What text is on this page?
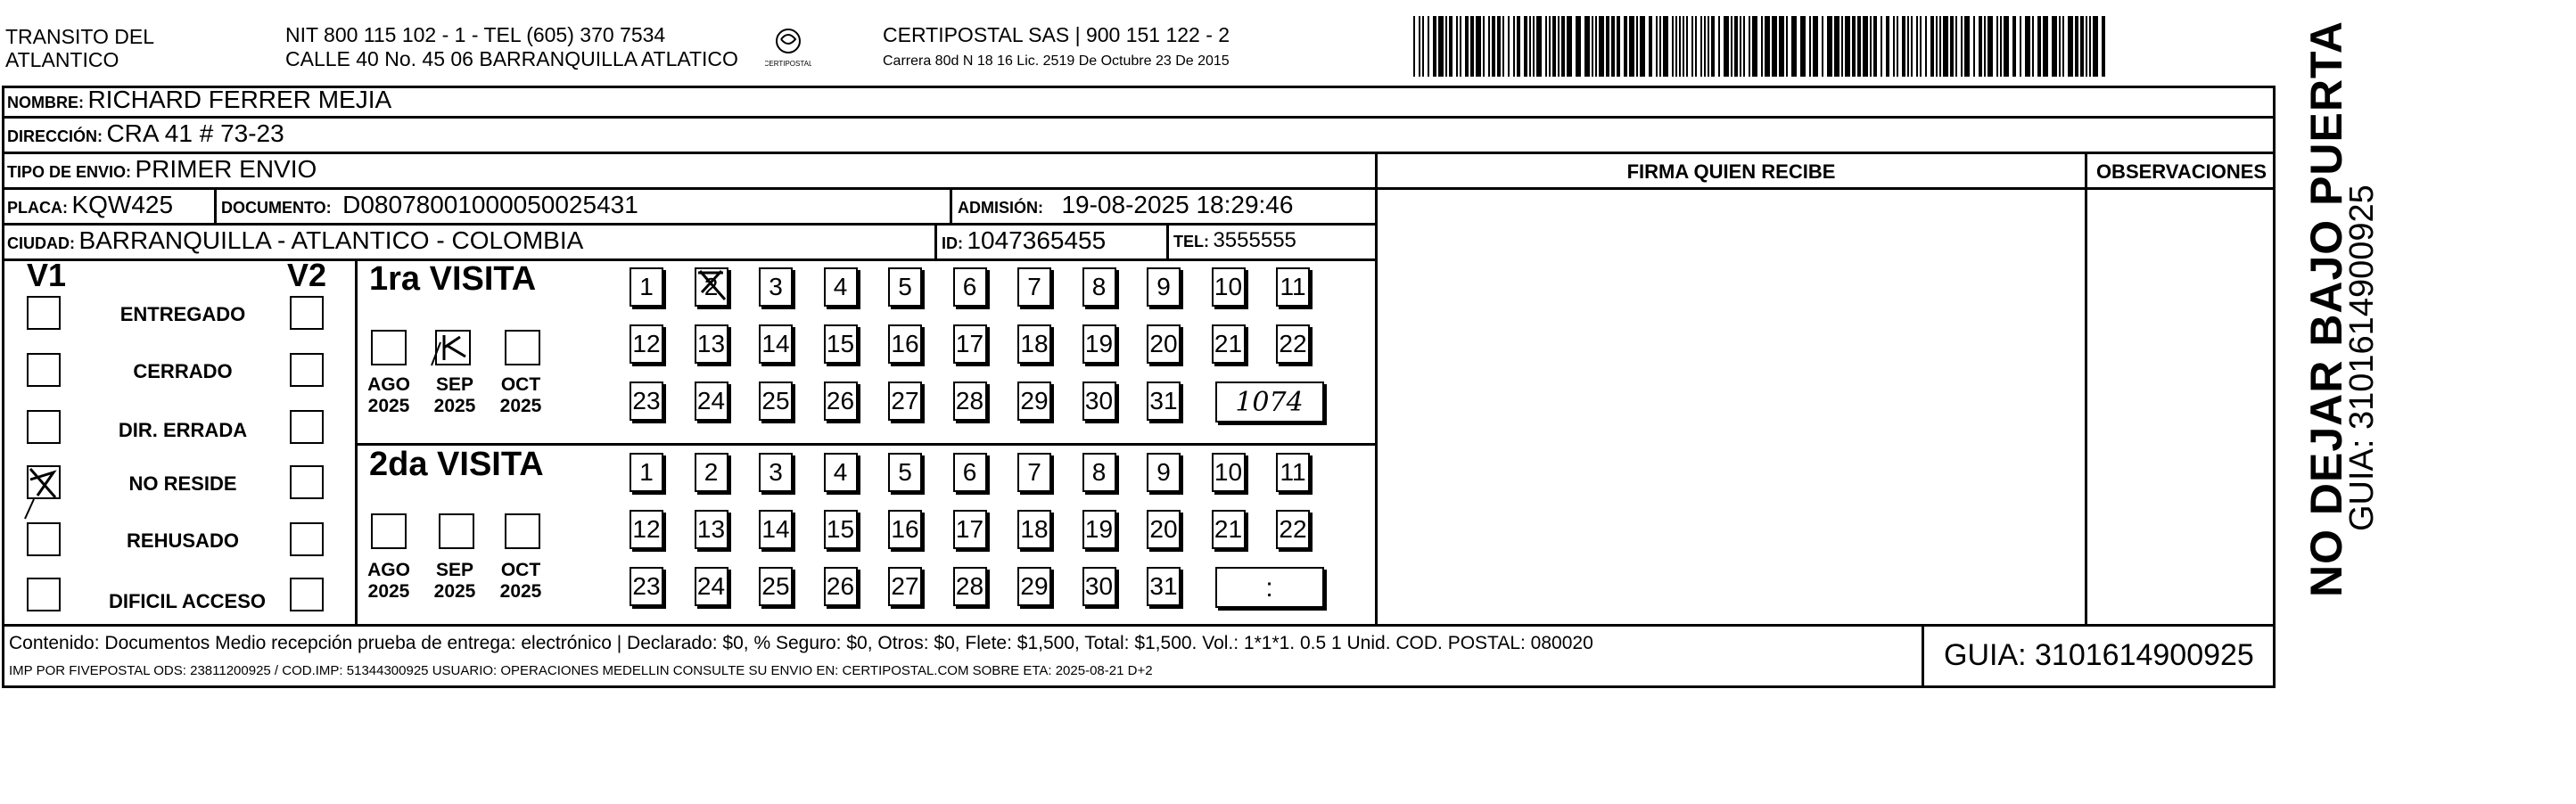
TRANSITO DEL
ATLANTICO
NIT 800 115 102 - 1 - TEL (605) 370 7534
CALLE 40 No. 45 06 BARRANQUILLA ATLATICO	CERTIPOSTAL
CERTIPOSTAL SAS | 900 151 122 - 2
Carrera 80d N 18 16 Lic. 2519 De Octubre 23 De 2015
NOMBRE: RICHARD FERRER MEJIA
DIRECCIÓN: CRA 41 # 73-23
TIPO DE ENVIO: PRIMER ENVIO
PLACA: KQW425	DOCUMENTO: D08078001000050025431	ADMISIÓN: 19-08-2025 18:29:46
CIUDAD: BARRANQUILLA - ATLANTICO - COLOMBIA	ID: 1047365455	TEL: 3555555
FIRMA QUIEN RECIBE	OBSERVACIONES
V1	V2
ENTREGADO
CERRADO
DIR. ERRADA
NO RESIDE
REHUSADO
DIFICIL ACCESO
1ra VISITA
AGO
2025
SEP
2025
OCT
2025
2da VISITA
AGO
2025
SEP
2025
OCT
2025
1	2	3	4	5	6	7	8	9	10 11
12 13 14 15 16 17 18 19 20 21 22
23 24 25 26 27 28 29 30 31	1074
1	2	3	4	5	6	7	8	9	10 11
12 13 14 15 16 17 18 19 20 21 22
23 24 25 26 27 28 29 30 31	:
Contenido: Documentos Medio recepción prueba de entrega: electrónico | Declarado: $0, % Seguro: $0, Otros: $0, Flete: $1,500, Total: $1,500. Vol.: 1*1*1. 0.5 1 Unid. COD. POSTAL: 080020
IMP POR FIVEPOSTAL ODS: 23811200925 / COD.IMP: 51344300925 USUARIO: OPERACIONES MEDELLIN CONSULTE SU ENVIO EN: CERTIPOSTAL.COM SOBRE ETA: 2025-08-21 D+2	GUIA: 3101614900925
NO DEJAR BAJO PUERTA
GUIA: 3101614900925
